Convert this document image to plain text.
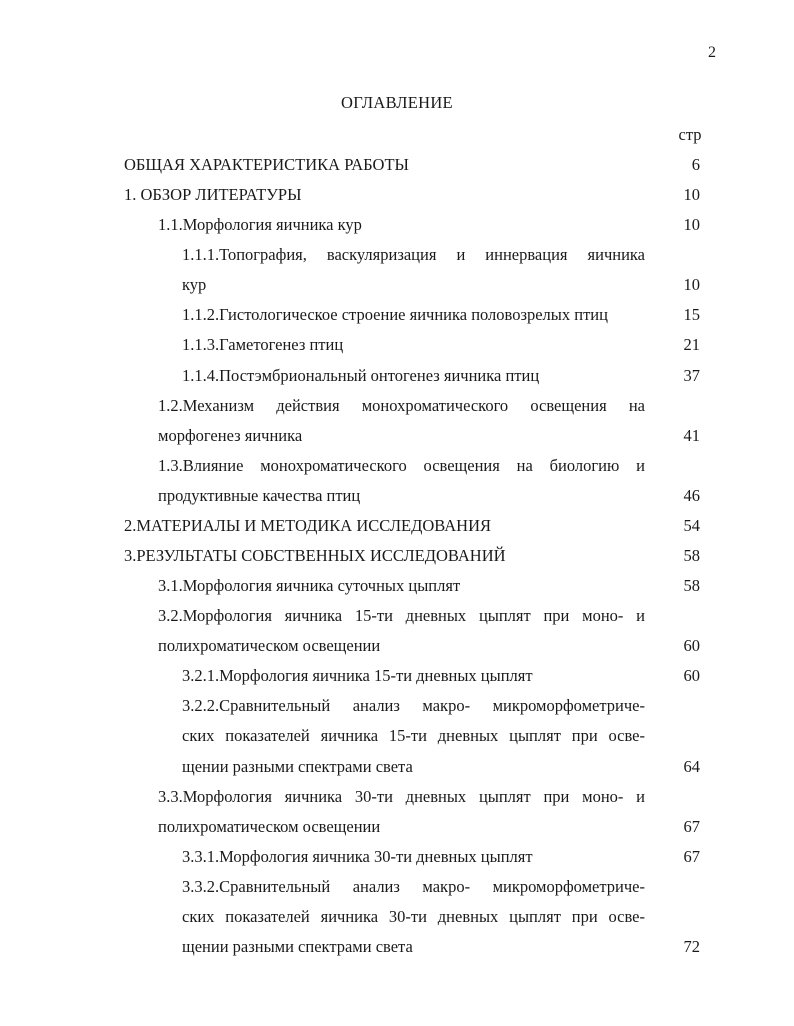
2
ОГЛАВЛЕНИЕ
стр
ОБЩАЯ ХАРАКТЕРИСТИКА РАБОТЫ	6
1. ОБЗОР ЛИТЕРАТУРЫ	10
1.1.Морфология яичника кур	10
1.1.1.Топография, васкуляризация и иннервация яичника
кур	10
1.1.2.Гистологическое строение яичника половозрелых птиц	15
1.1.3.Гаметогенез птиц	21
1.1.4.Постэмбриональный онтогенез яичника птиц	37
1.2.Механизм действия монохроматического освещения на
морфогенез яичника	41
1.3.Влияние монохроматического освещения на биологию и
продуктивные качества птиц	46
2.МАТЕРИАЛЫ И МЕТОДИКА ИССЛЕДОВАНИЯ	54
3.РЕЗУЛЬТАТЫ СОБСТВЕННЫХ ИССЛЕДОВАНИЙ	58
3.1.Морфология яичника суточных цыплят	58
3.2.Морфология яичника 15-ти дневных цыплят при моно- и
полихроматическом освещении	60
3.2.1.Морфология яичника 15-ти дневных цыплят	60
3.2.2.Сравнительный анализ макро- микроморфометриче-
ских показателей яичника 15-ти дневных цыплят при осве-
щении разными спектрами света	64
3.3.Морфология яичника 30-ти дневных цыплят при моно- и
полихроматическом освещении	67
3.3.1.Морфология яичника 30-ти дневных цыплят	67
3.3.2.Сравнительный анализ макро- микроморфометриче-
ских показателей яичника 30-ти дневных цыплят при осве-
щении разными спектрами света	72
